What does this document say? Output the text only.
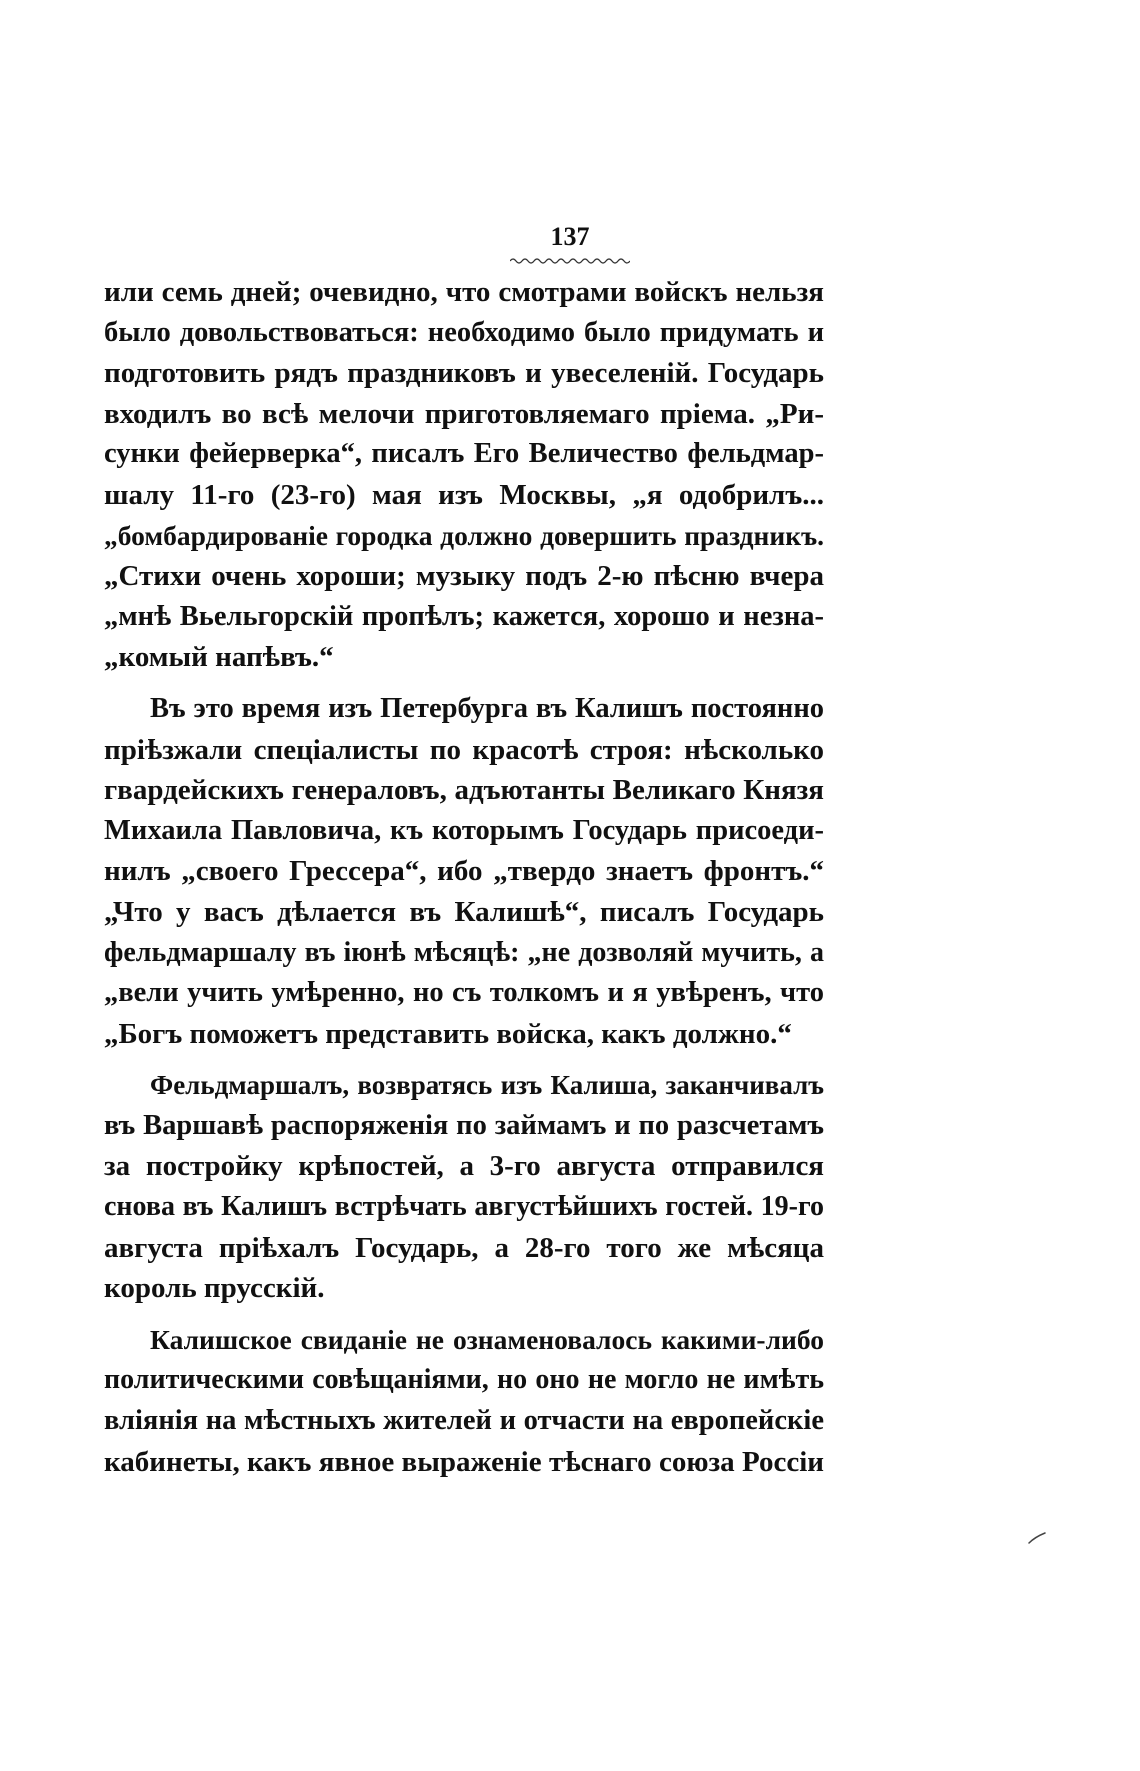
137
или семь дней; очевидно, что смотрами войскъ нельзя
было довольствоваться: необходимо было придумать и
подготовить рядъ праздниковъ и увеселеній. Государь
входилъ во всѣ мелочи приготовляемаго пріема. „Ри-
сунки фейерверка“, писалъ Его Величество фельдмар-
шалу 11-го (23-го) мая изъ Москвы, „я одобрилъ...
„бомбардированіе городка должно довершить праздникъ.
„Стихи очень хороши; музыку подъ 2-ю пѣсню вчера
„мнѣ Вьельгорскій пропѣлъ; кажется, хорошо и незна-
„комый напѣвъ.“
Въ это время изъ Петербурга въ Калишъ постоянно
пріѣзжали спеціалисты по красотѣ строя: нѣсколько
гвардейскихъ генераловъ, адъютанты Великаго Князя
Михаила Павловича, къ которымъ Государь присоеди-
нилъ „своего Грессера“, ибо „твердо знаетъ фронтъ.“
„Что у васъ дѣлается въ Калишѣ“, писалъ Государь
фельдмаршалу въ іюнѣ мѣсяцѣ: „не дозволяй мучить, а
„вели учить умѣренно, но съ толкомъ и я увѣренъ, что
„Богъ поможетъ представить войска, какъ должно.“
Фельдмаршалъ, возвратясь изъ Калиша, заканчивалъ
въ Варшавѣ распоряженія по займамъ и по разсчетамъ
за постройку крѣпостей, а 3-го августа отправился
снова въ Калишъ встрѣчать августѣйшихъ гостей. 19-го
августа пріѣхалъ Государь, а 28-го того же мѣсяца
король прусскій.
Калишское свиданіе не ознаменовалось какими-либо
политическими совѣщаніями, но оно не могло не имѣть
вліянія на мѣстныхъ жителей и отчасти на европейскіе
кабинеты, какъ явное выраженіе тѣснаго союза Россіи
